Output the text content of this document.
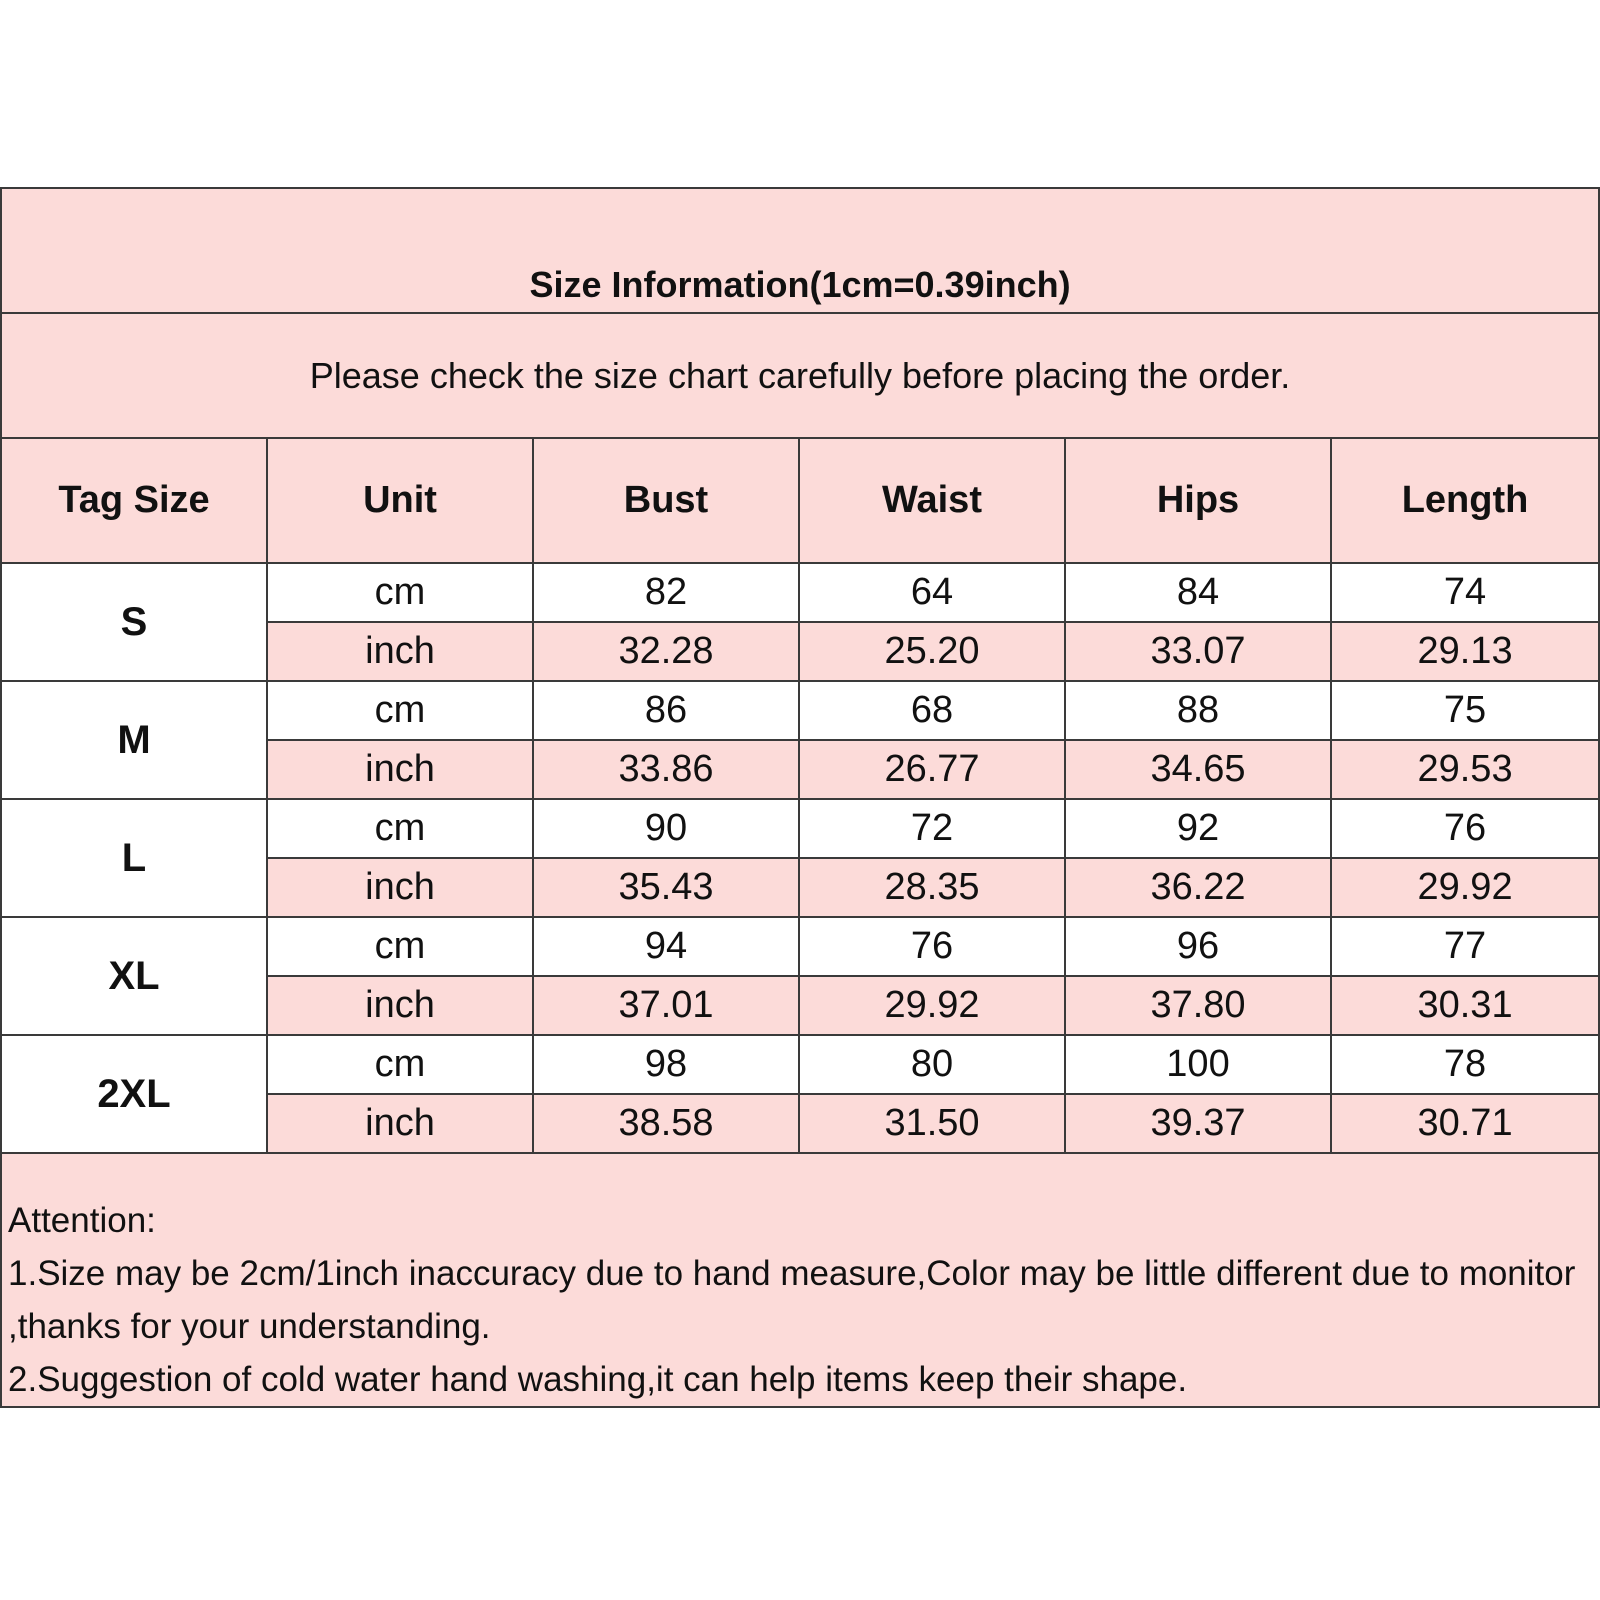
Size Information(1cm=0.39inch)					
Please check the size chart carefully before placing the order.					
Tag Size	Unit	Bust	Waist	Hips	Length
S	cm	82	64	84	74
	inch	32.28	25.20	33.07	29.13
M	cm	86	68	88	75
	inch	33.86	26.77	34.65	29.53
L	cm	90	72	92	76
	inch	35.43	28.35	36.22	29.92
XL	cm	94	76	96	77
	inch	37.01	29.92	37.80	30.31
2XL	cm	98	80	100	78
	inch	38.58	31.50	39.37	30.71

Attention:
1.Size may be 2cm/1inch inaccuracy due to hand measure,Color may be little different due to monitor ,thanks for your understanding.
2.Suggestion of cold water hand washing,it can help items keep their shape.					
